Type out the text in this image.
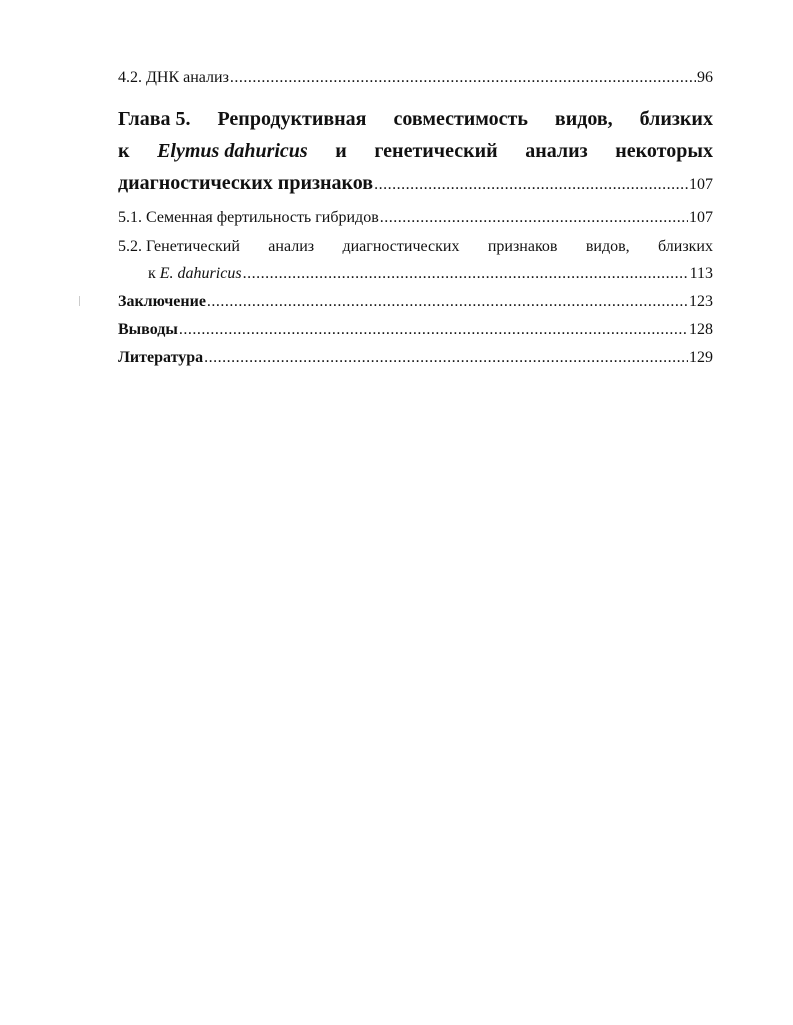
4.2. ДНК анализ .....	96
Глава 5. Репродуктивная совместимость видов, близких
к Elymus dahuricus и генетический анализ некоторых
диагностических признаков .....	107
5.1. Семенная фертильность гибридов .....	107
5.2. Генетический анализ диагностических признаков видов, близких
к E. dahuricus .....	113
Заключение .....	123
Выводы .....	128
Литература .....	129
